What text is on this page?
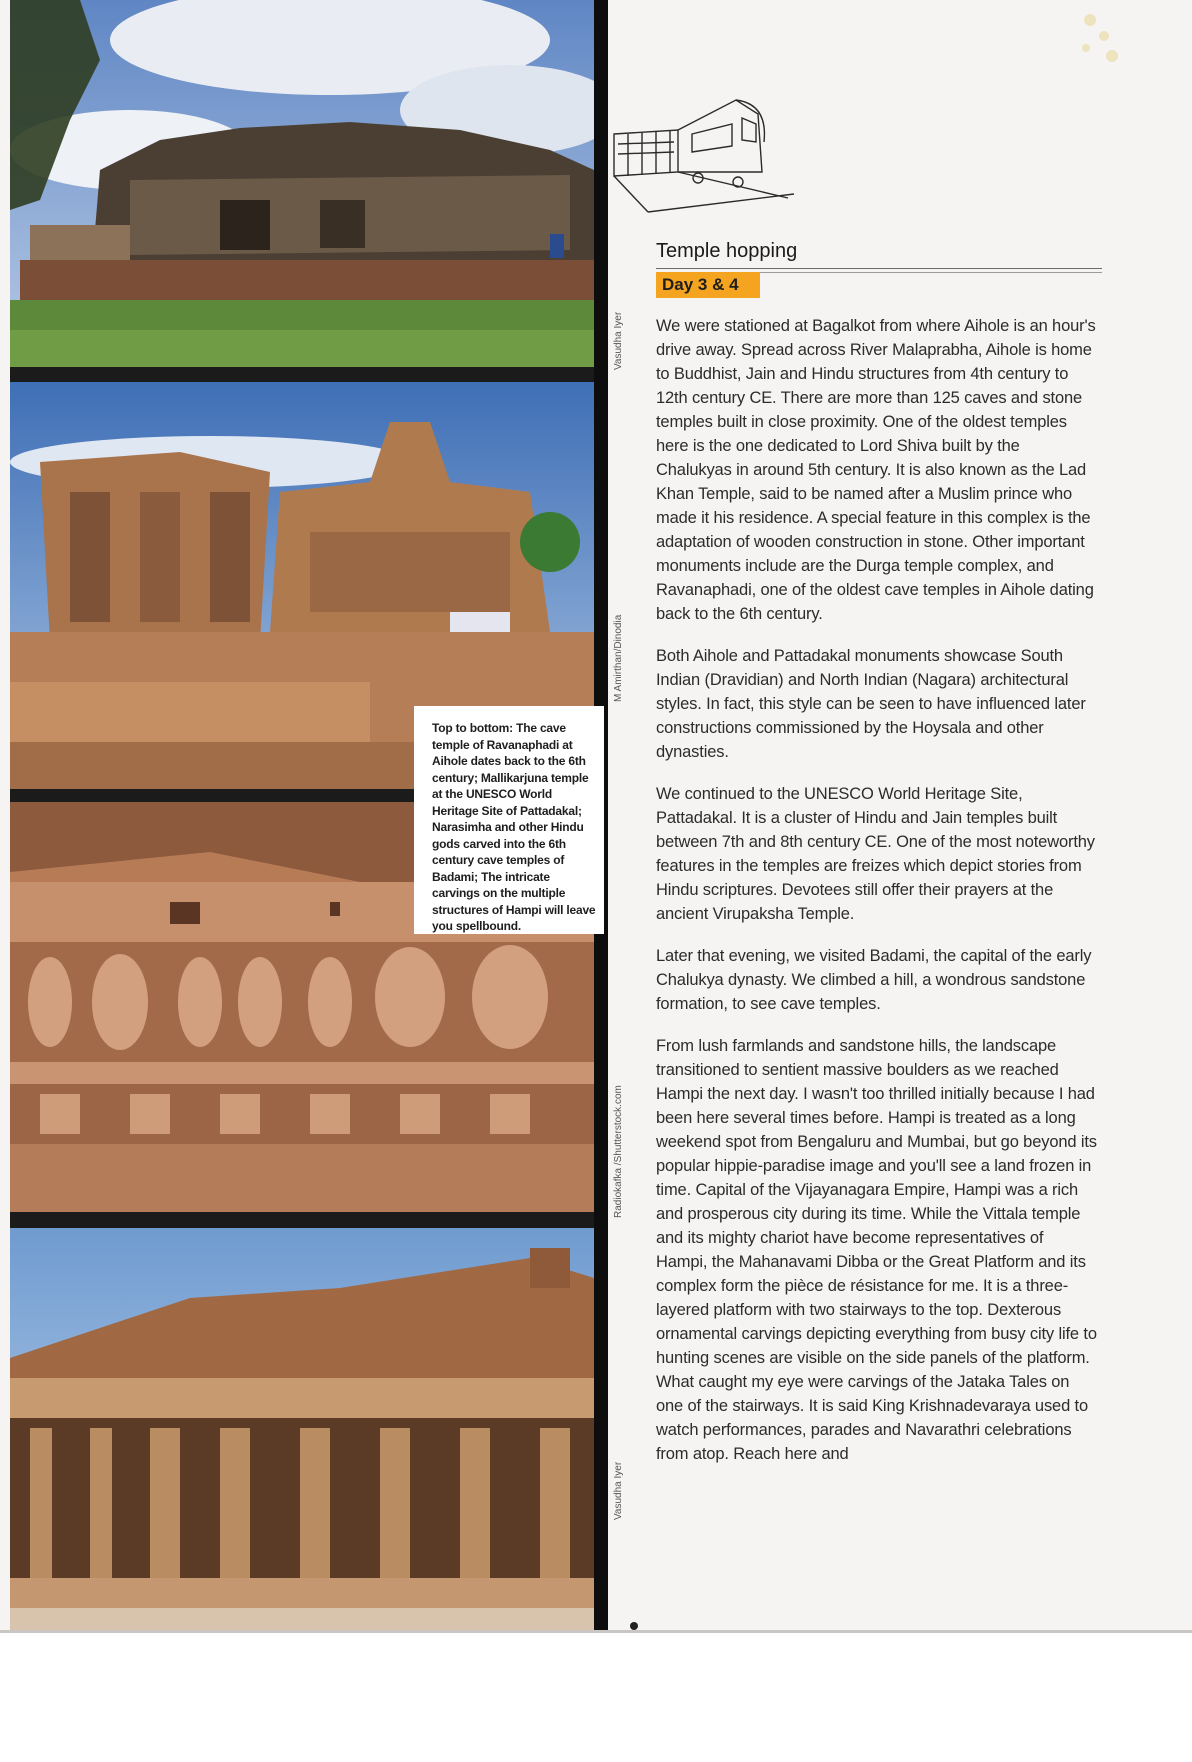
Top to bottom: The cave temple of Ravanaphadi at Aihole dates back to the 6th century; Mallikarjuna temple at the UNESCO World Heritage Site of Pattadakal; Narasimha and other Hindu gods carved into the 6th century cave temples of Badami; The intricate carvings on the multiple structures of Hampi will leave you spellbound.
Vasudha Iyer
M Amirthan/Dinodia
Radiokafka /Shutterstock.com
Vasudha Iyer
Temple hopping
Day 3 & 4

We were stationed at Bagalkot from where Aihole is an hour's drive away. Spread across River Malaprabha, Aihole is home to Buddhist, Jain and Hindu structures from 4th century to 12th century CE. There are more than 125 caves and stone temples built in close proximity. One of the oldest temples here is the one dedicated to Lord Shiva built by the Chalukyas in around 5th century. It is also known as the Lad Khan Temple, said to be named after a Muslim prince who made it his residence. A special feature in this complex is the adaptation of wooden construction in stone. Other important monuments include are the Durga temple complex, and Ravanaphadi, one of the oldest cave temples in Aihole dating back to the 6th century.

Both Aihole and Pattadakal monuments showcase South Indian (Dravidian) and North Indian (Nagara) architectural styles. In fact, this style can be seen to have influenced later constructions commissioned by the Hoysala and other dynasties.

We continued to the UNESCO World Heritage Site, Pattadakal. It is a cluster of Hindu and Jain temples built between 7th and 8th century CE. One of the most noteworthy features in the temples are freizes which depict stories from Hindu scriptures. Devotees still offer their prayers at the ancient Virupaksha Temple.

Later that evening, we visited Badami, the capital of the early Chalukya dynasty. We climbed a hill, a wondrous sandstone formation, to see cave temples.

From lush farmlands and sandstone hills, the landscape transitioned to sentient massive boulders as we reached Hampi the next day. I wasn't too thrilled initially because I had been here several times before. Hampi is treated as a long weekend spot from Bengaluru and Mumbai, but go beyond its popular hippie-paradise image and you'll see a land frozen in time. Capital of the Vijayanagara Empire, Hampi was a rich and prosperous city during its time. While the Vittala temple and its mighty chariot have become representatives of Hampi, the Mahanavami Dibba or the Great Platform and its complex form the pièce de résistance for me. It is a three-layered platform with two stairways to the top. Dexterous ornamental carvings depicting everything from busy city life to hunting scenes are visible on the side panels of the platform. What caught my eye were carvings of the Jataka Tales on one of the stairways. It is said King Krishnadevaraya used to watch performances, parades and Navarathri celebrations from atop. Reach here and
